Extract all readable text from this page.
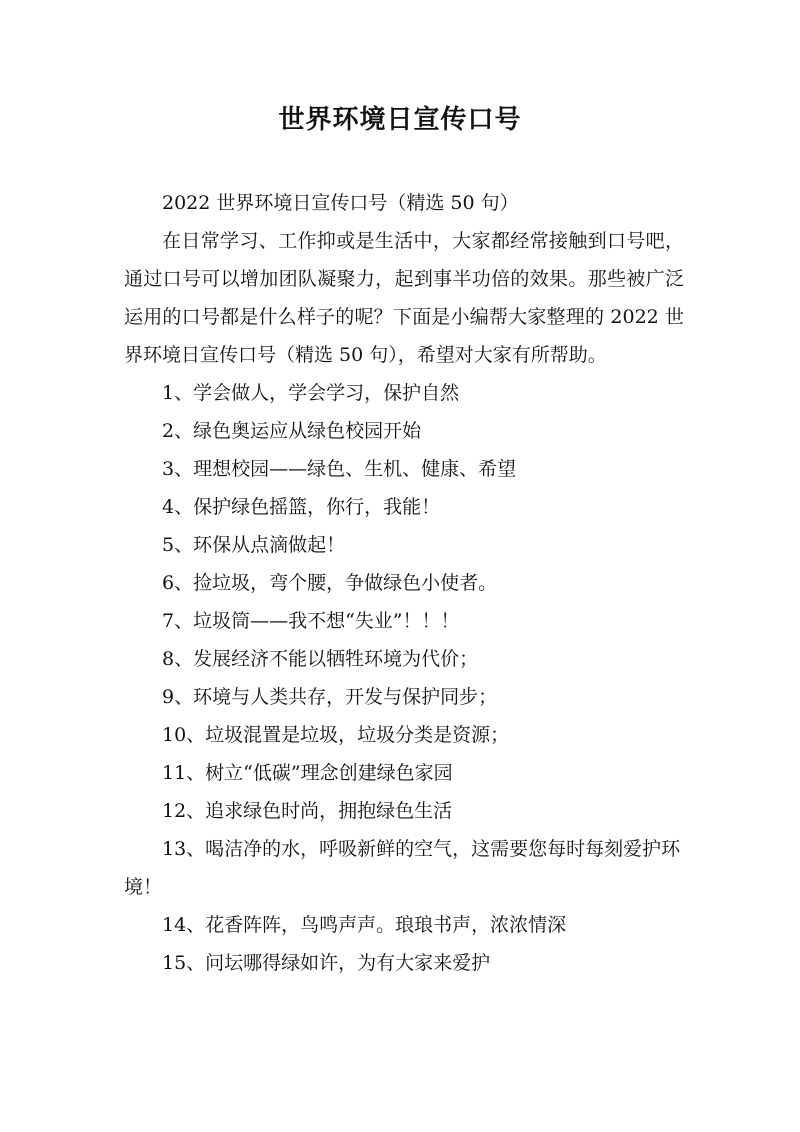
世界环境日宣传口号

2022 世界环境日宣传口号（精选 50 句）

在日常学习、工作抑或是生活中，大家都经常接触到口号吧，通过口号可以增加团队凝聚力，起到事半功倍的效果。那些被广泛运用的口号都是什么样子的呢？下面是小编帮大家整理的 2022 世界环境日宣传口号（精选 50 句），希望对大家有所帮助。

1、学会做人，学会学习，保护自然
2、绿色奥运应从绿色校园开始
3、理想校园——绿色、生机、健康、希望
4、保护绿色摇篮，你行，我能！
5、环保从点滴做起！
6、捡垃圾，弯个腰，争做绿色小使者。
7、垃圾筒——我不想“失业”！！！
8、发展经济不能以牺牲环境为代价；
9、环境与人类共存，开发与保护同步；
10、垃圾混置是垃圾，垃圾分类是资源；
11、树立“低碳”理念创建绿色家园
12、追求绿色时尚，拥抱绿色生活
13、喝洁净的水，呼吸新鲜的空气，这需要您每时每刻爱护环境！
14、花香阵阵，鸟鸣声声。琅琅书声，浓浓情深
15、问坛哪得绿如许，为有大家来爱护
